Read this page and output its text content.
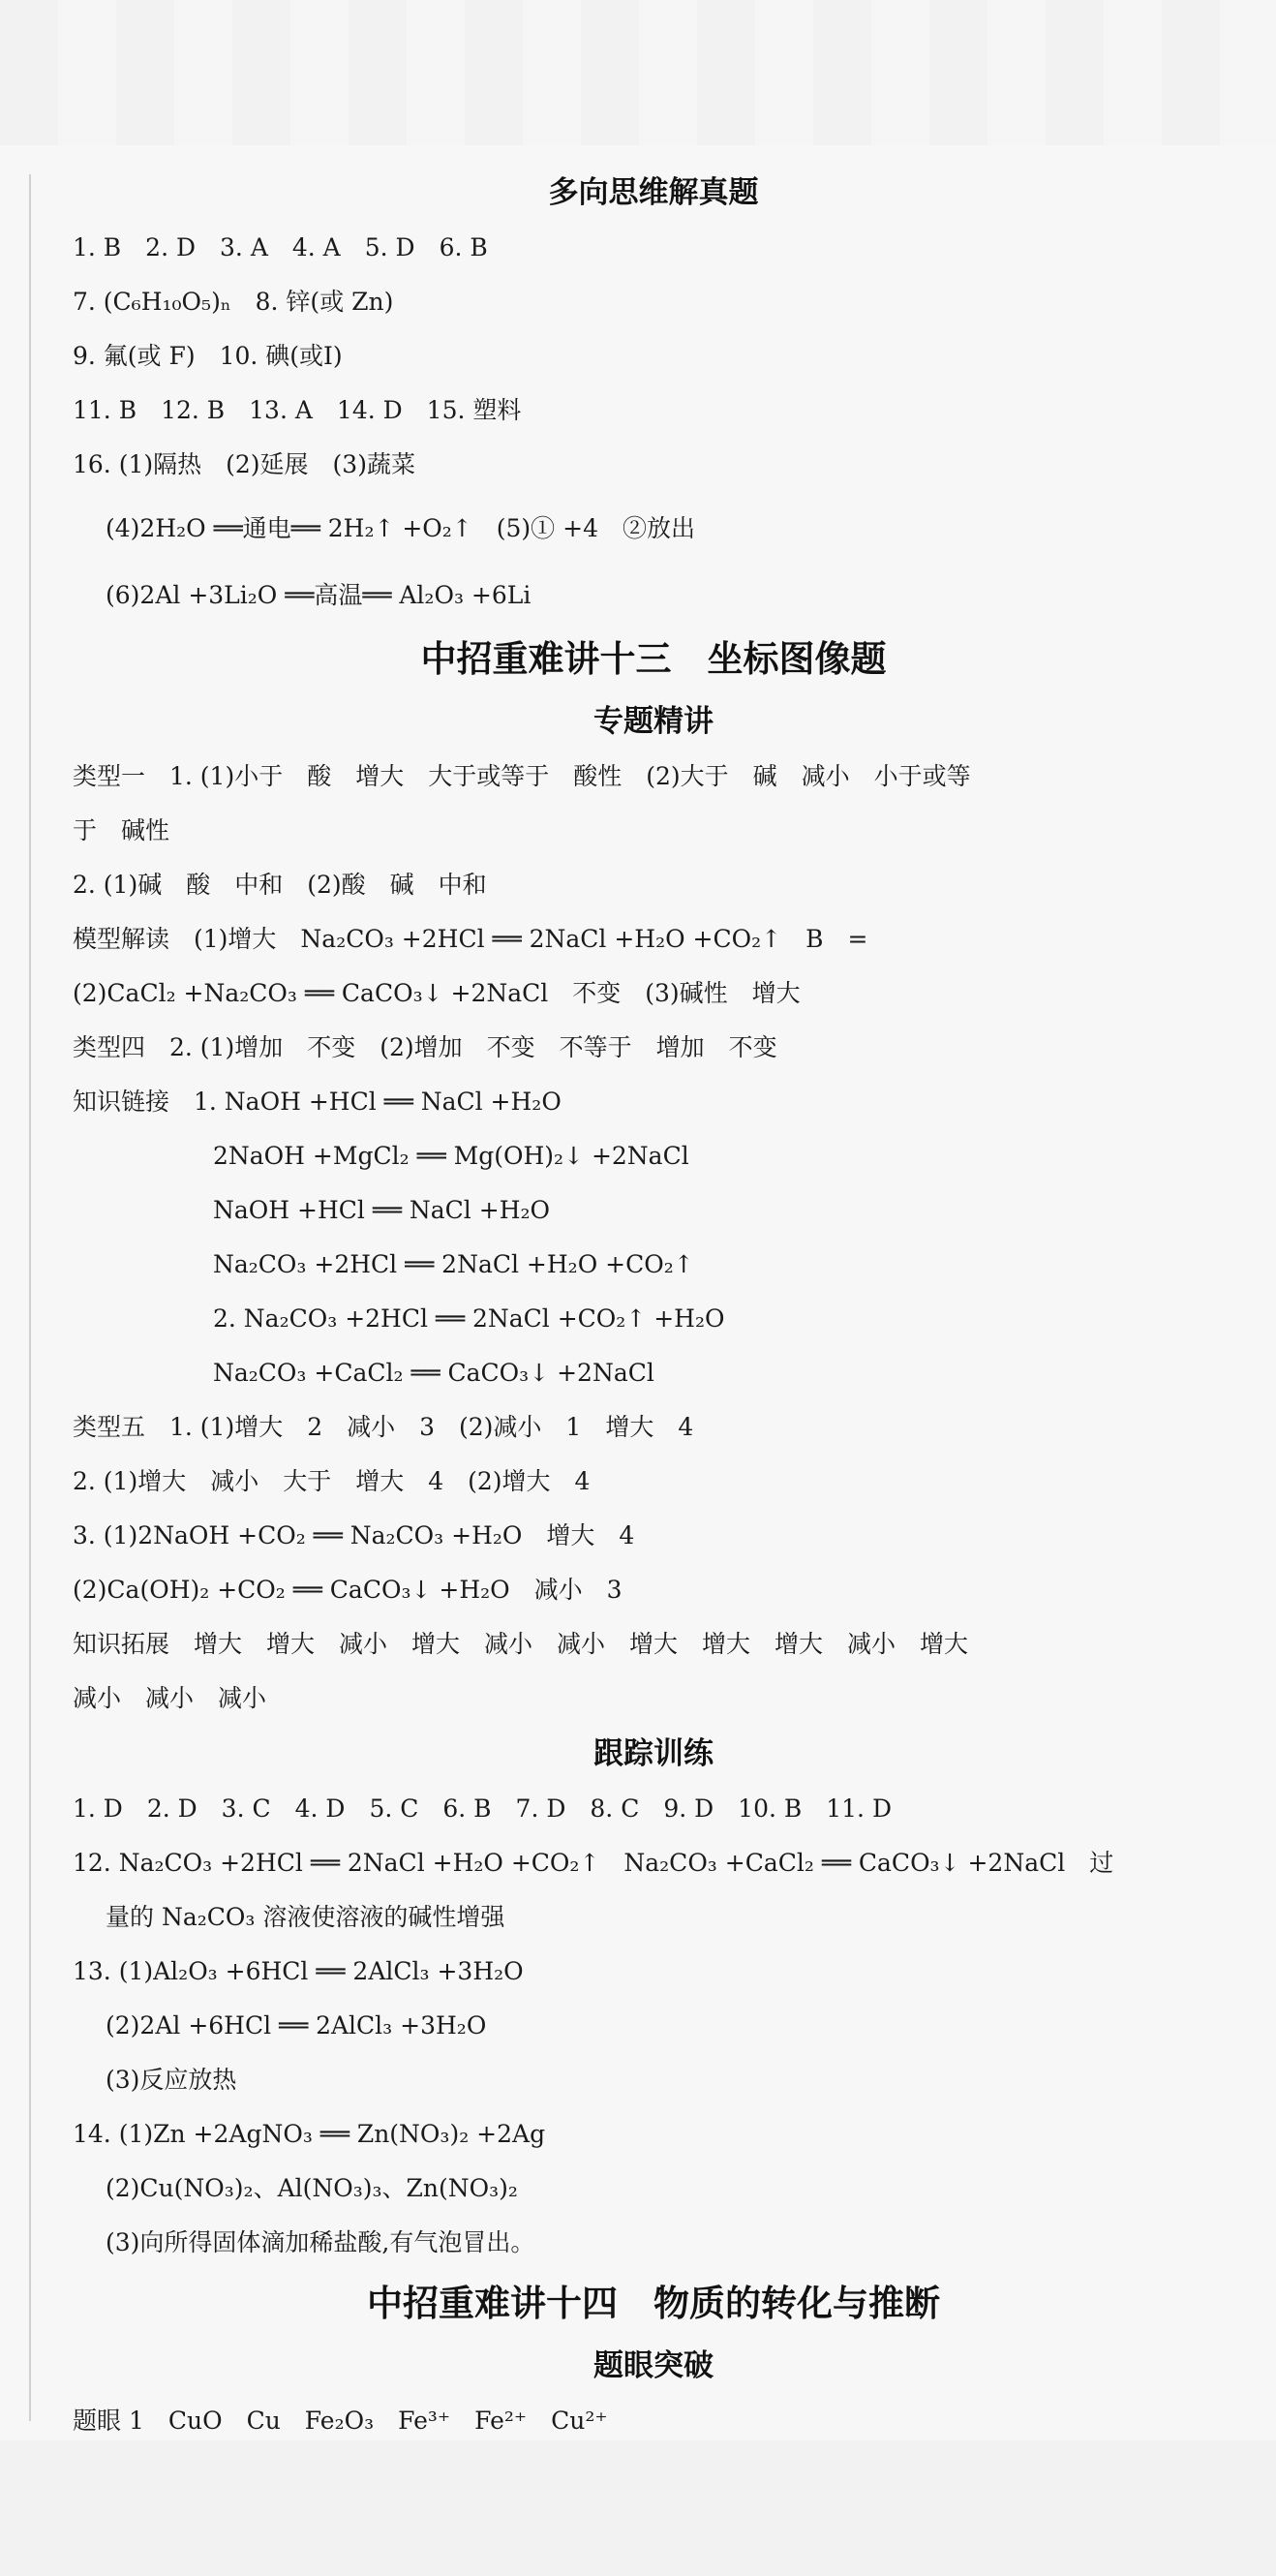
多向思维解真题
1. B　2. D　3. A　4. A　5. D　6. B
7. (C₆H₁₀O₅)ₙ　8. 锌(或 Zn)
9. 氟(或 F)　10. 碘(或Ⅰ)
11. B　12. B　13. A　14. D　15. 塑料
16. (1)隔热　(2)延展　(3)蔬菜
(4)2H₂O ══通电══ 2H₂↑ +O₂↑　(5)① +4　②放出
(6)2Al +3Li₂O ══高温══ Al₂O₃ +6Li
中招重难讲十三　坐标图像题
专题精讲
类型一　1. (1)小于　酸　增大　大于或等于　酸性　(2)大于　碱　减小　小于或等
于　碱性
2. (1)碱　酸　中和　(2)酸　碱　中和
模型解读　(1)增大　Na₂CO₃ +2HCl ══ 2NaCl +H₂O +CO₂↑　B　=
(2)CaCl₂ +Na₂CO₃ ══ CaCO₃↓ +2NaCl　不变　(3)碱性　增大
类型四　2. (1)增加　不变　(2)增加　不变　不等于　增加　不变
知识链接　1. NaOH +HCl ══ NaCl +H₂O
2NaOH +MgCl₂ ══ Mg(OH)₂↓ +2NaCl
NaOH +HCl ══ NaCl +H₂O
Na₂CO₃ +2HCl ══ 2NaCl +H₂O +CO₂↑
2. Na₂CO₃ +2HCl ══ 2NaCl +CO₂↑ +H₂O
Na₂CO₃ +CaCl₂ ══ CaCO₃↓ +2NaCl
类型五　1. (1)增大　2　减小　3　(2)减小　1　增大　4
2. (1)增大　减小　大于　增大　4　(2)增大　4
3. (1)2NaOH +CO₂ ══ Na₂CO₃ +H₂O　增大　4
(2)Ca(OH)₂ +CO₂ ══ CaCO₃↓ +H₂O　减小　3
知识拓展　增大　增大　减小　增大　减小　减小　增大　增大　增大　减小　增大
减小　减小　减小
跟踪训练
1. D　2. D　3. C　4. D　5. C　6. B　7. D　8. C　9. D　10. B　11. D
12. Na₂CO₃ +2HCl ══ 2NaCl +H₂O +CO₂↑　Na₂CO₃ +CaCl₂ ══ CaCO₃↓ +2NaCl　过
量的 Na₂CO₃ 溶液使溶液的碱性增强
13. (1)Al₂O₃ +6HCl ══ 2AlCl₃ +3H₂O
(2)2Al +6HCl ══ 2AlCl₃ +3H₂O
(3)反应放热
14. (1)Zn +2AgNO₃ ══ Zn(NO₃)₂ +2Ag
(2)Cu(NO₃)₂、Al(NO₃)₃、Zn(NO₃)₂
(3)向所得固体滴加稀盐酸,有气泡冒出。
中招重难讲十四　物质的转化与推断
题眼突破
题眼 1　CuO　Cu　Fe₂O₃　Fe³⁺　Fe²⁺　Cu²⁺
